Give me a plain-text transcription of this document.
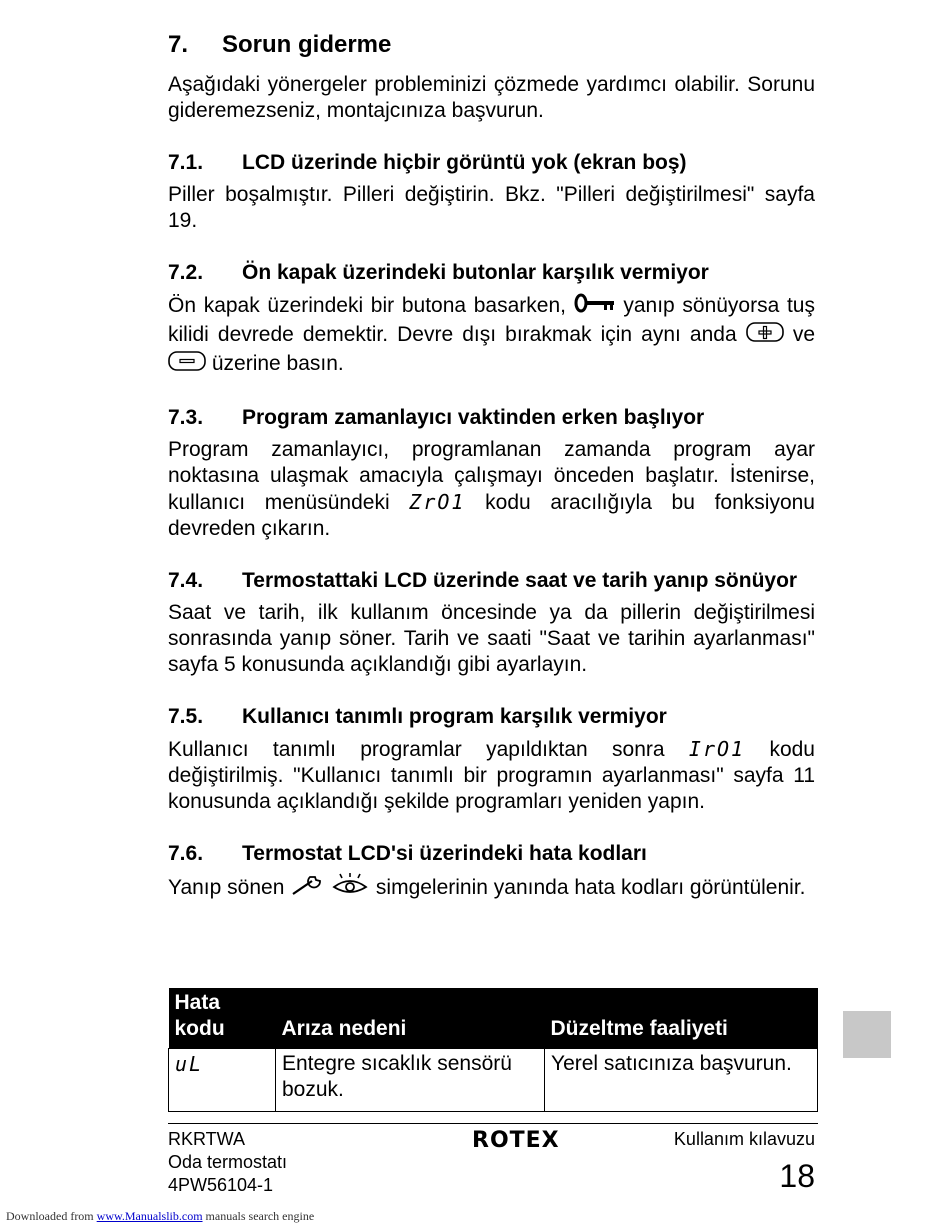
7.	Sorun giderme
Aşağıdaki yönergeler probleminizi çözmede yardımcı olabilir. Sorunu gideremezseniz, montajcınıza başvurun.
7.1.	LCD üzerinde hiçbir görüntü yok (ekran boş)
Piller boşalmıştır. Pilleri değiştirin. Bkz. "Pilleri değiştirilmesi" sayfa 19.
7.2.	Ön kapak üzerindeki butonlar karşılık vermiyor
Ön kapak üzerindeki bir butona basarken,	yanıp sönüyorsa tuş kilidi devrede demektir. Devre dışı bırakmak için aynı anda	ve  üzerine basın.
7.3.	Program zamanlayıcı vaktinden erken başlıyor
Program zamanlayıcı, programlanan zamanda program ayar noktasına ulaşmak amacıyla çalışmayı önceden başlatır. İstenirse, kullanıcı menüsündeki ZrO1 kodu aracılığıyla bu fonksiyonu devreden çıkarın.
7.4.	Termostattaki LCD üzerinde saat ve tarih yanıp sönüyor
Saat ve tarih, ilk kullanım öncesinde ya da pillerin değiştirilmesi sonrasında yanıp söner. Tarih ve saati "Saat ve tarihin ayarlanması" sayfa 5 konusunda açıklandığı gibi ayarlayın.
7.5.	Kullanıcı tanımlı program karşılık vermiyor
Kullanıcı tanımlı programlar yapıldıktan sonra IrO1 kodu değiştirilmiş. "Kullanıcı tanımlı bir programın ayarlanması" sayfa 11 konusunda açıklandığı şekilde programları yeniden yapın.
7.6.	Termostat LCD'si üzerindeki hata kodları
Yanıp sönen	simgelerinin yanında hata kodları görüntülenir.
Hata kodu	Arıza nedeni	Düzeltme faaliyeti
uL	Entegre sıcaklık sensörü bozuk.	Yerel satıcınıza başvurun.
RKRTWA
Oda termostatı
4PW56104-1
ROTEX	Kullanım kılavuzu
18
Downloaded from www.Manualslib.com manuals search engine
